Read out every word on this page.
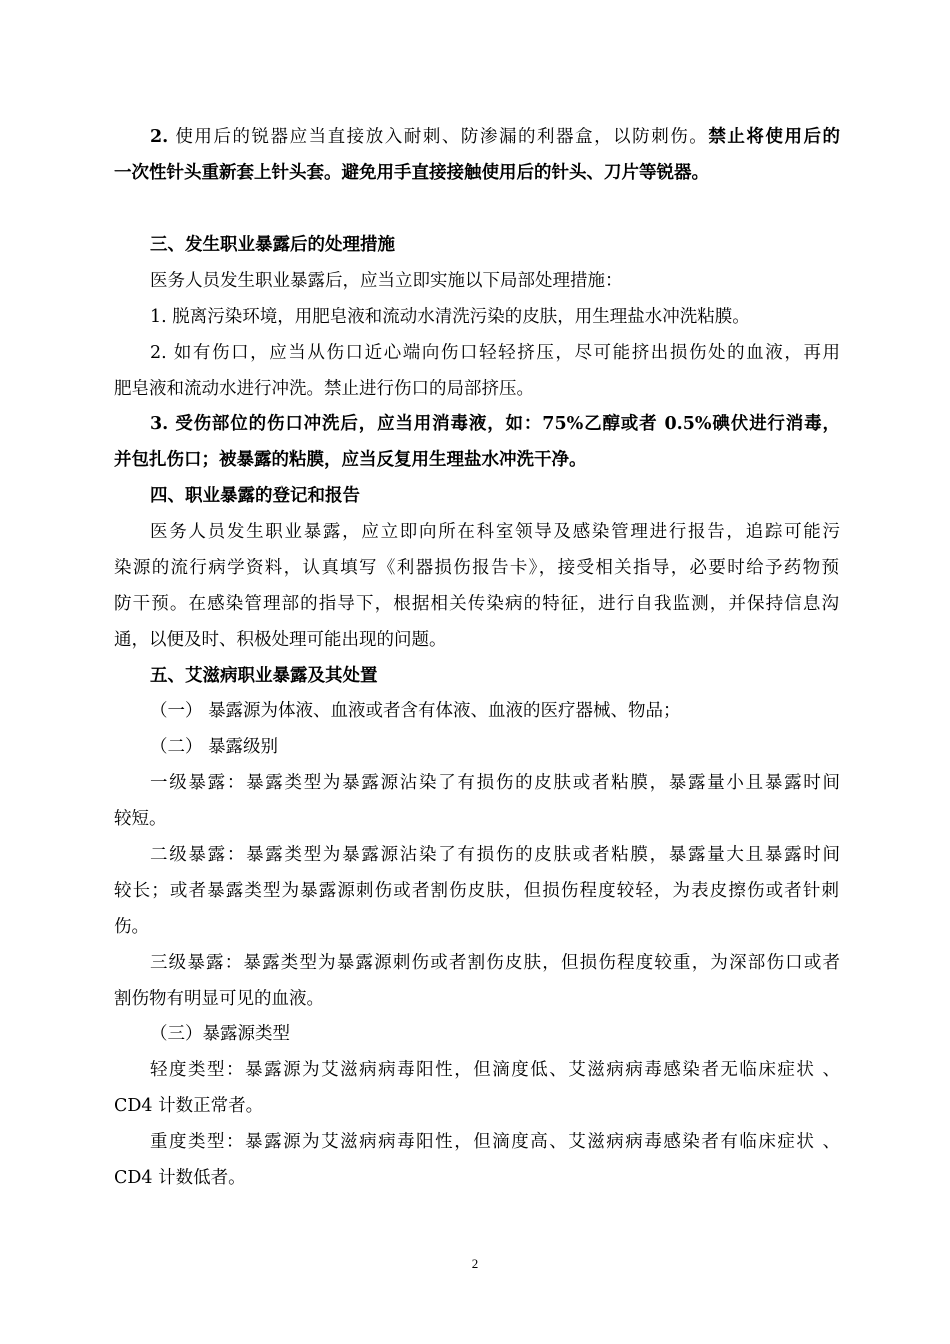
2. 使用后的锐器应当直接放入耐刺、防渗漏的利器盒，以防刺伤。禁止将使用后的
一次性针头重新套上针头套。避免用手直接接触使用后的针头、刀片等锐器。
三、发生职业暴露后的处理措施
医务人员发生职业暴露后，应当立即实施以下局部处理措施：
1. 脱离污染环境，用肥皂液和流动水清洗污染的皮肤，用生理盐水冲洗粘膜。
2. 如有伤口，应当从伤口近心端向伤口轻轻挤压，尽可能挤出损伤处的血液，再用
肥皂液和流动水进行冲洗。禁止进行伤口的局部挤压。
3. 受伤部位的伤口冲洗后，应当用消毒液，如：75%乙醇或者 0.5%碘伏进行消毒，
并包扎伤口；被暴露的粘膜，应当反复用生理盐水冲洗干净。
四、职业暴露的登记和报告
医务人员发生职业暴露，应立即向所在科室领导及感染管理进行报告，追踪可能污
染源的流行病学资料，认真填写《利器损伤报告卡》，接受相关指导，必要时给予药物预
防干预。在感染管理部的指导下，根据相关传染病的特征，进行自我监测，并保持信息沟
通，以便及时、积极处理可能出现的问题。
五、艾滋病职业暴露及其处置
（一） 暴露源为体液、血液或者含有体液、血液的医疗器械、物品；
（二） 暴露级别
一级暴露：暴露类型为暴露源沾染了有损伤的皮肤或者粘膜，暴露量小且暴露时间
较短。
二级暴露：暴露类型为暴露源沾染了有损伤的皮肤或者粘膜，暴露量大且暴露时间
较长；或者暴露类型为暴露源刺伤或者割伤皮肤，但损伤程度较轻，为表皮擦伤或者针刺
伤。
三级暴露：暴露类型为暴露源刺伤或者割伤皮肤，但损伤程度较重，为深部伤口或者
割伤物有明显可见的血液。
（三）暴露源类型
轻度类型：暴露源为艾滋病病毒阳性，但滴度低、艾滋病病毒感染者无临床症状 、
CD4 计数正常者。
重度类型：暴露源为艾滋病病毒阳性，但滴度高、艾滋病病毒感染者有临床症状 、
CD4 计数低者。
2
